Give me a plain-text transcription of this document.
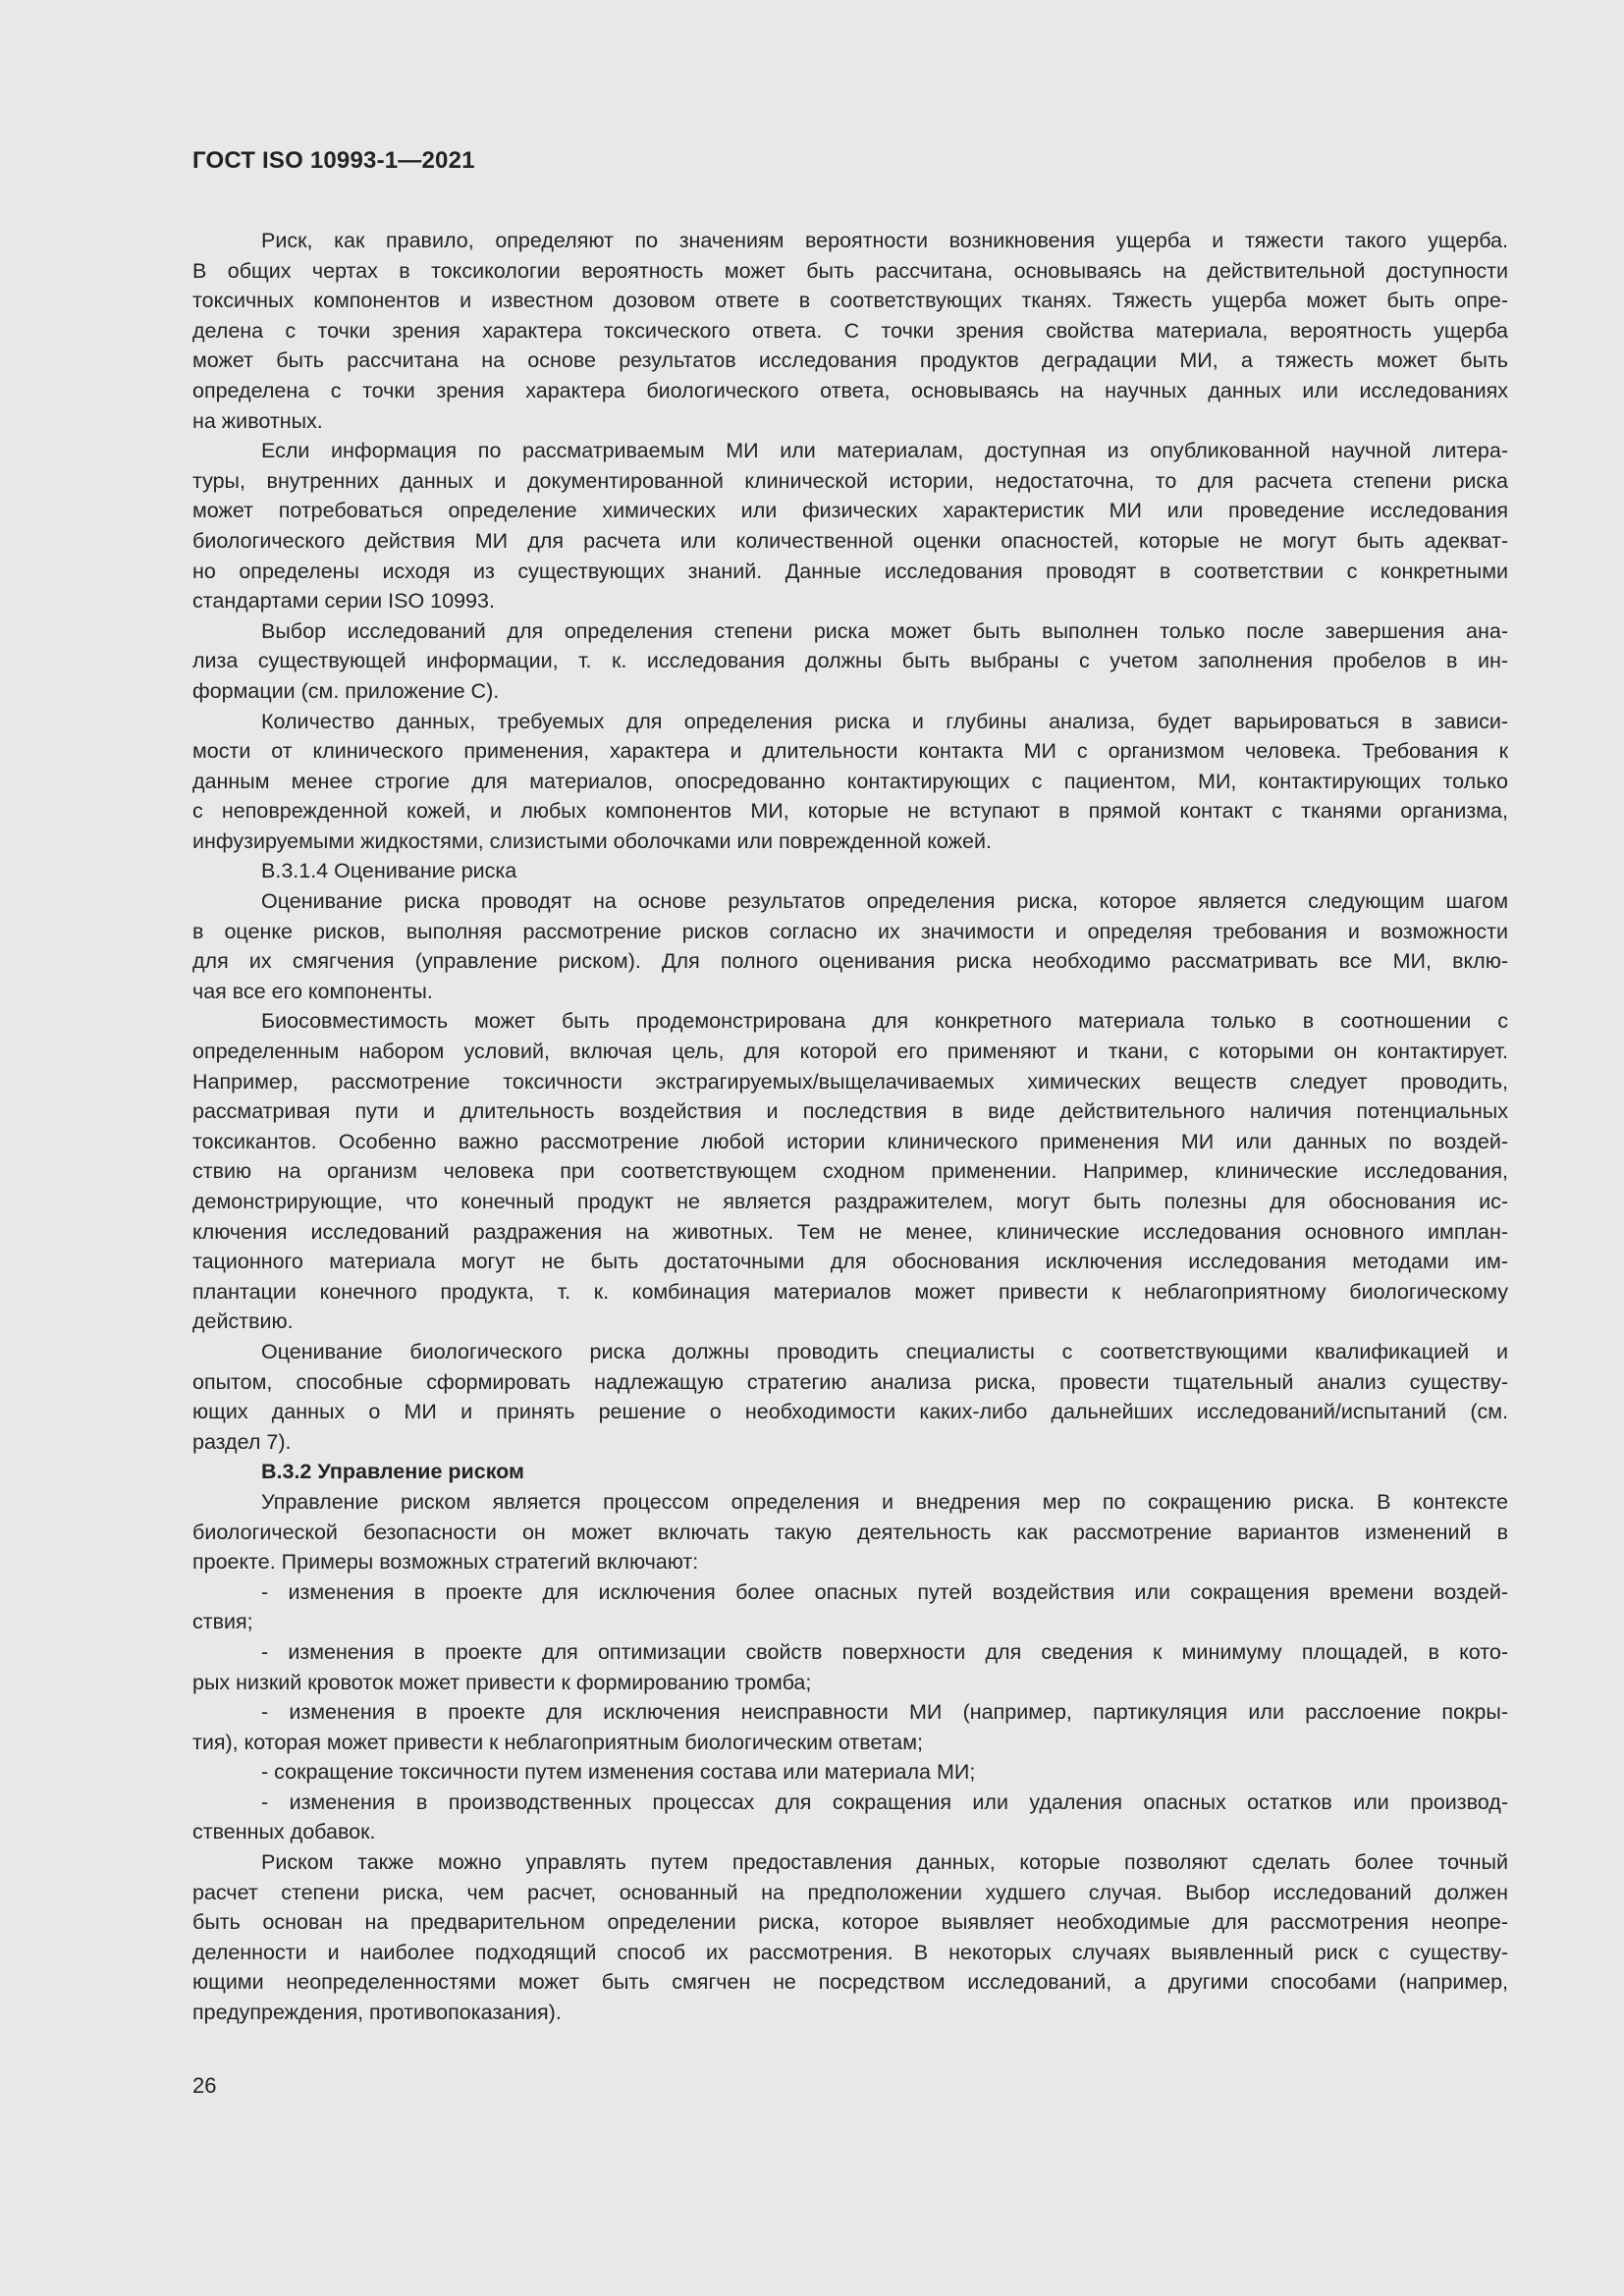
ГОСТ ISO 10993-1—2021
Риск, как правило, определяют по значениям вероятности возникновения ущерба и тяжести такого ущерба.
В общих чертах в токсикологии вероятность может быть рассчитана, основываясь на действительной доступности
токсичных компонентов и известном дозовом ответе в соответствующих тканях. Тяжесть ущерба может быть опре-
делена с точки зрения характера токсического ответа. С точки зрения свойства материала, вероятность ущерба
может быть рассчитана на основе результатов исследования продуктов деградации МИ, а тяжесть может быть
определена с точки зрения характера биологического ответа, основываясь на научных данных или исследованиях
на животных.
Если информация по рассматриваемым МИ или материалам, доступная из опубликованной научной литера-
туры, внутренних данных и документированной клинической истории, недостаточна, то для расчета степени риска
может потребоваться определение химических или физических характеристик МИ или проведение исследования
биологического действия МИ для расчета или количественной оценки опасностей, которые не могут быть адекват-
но определены исходя из существующих знаний. Данные исследования проводят в соответствии с конкретными
стандартами серии ISO 10993.
Выбор исследований для определения степени риска может быть выполнен только после завершения ана-
лиза существующей информации, т. к. исследования должны быть выбраны с учетом заполнения пробелов в ин-
формации (см. приложение С).
Количество данных, требуемых для определения риска и глубины анализа, будет варьироваться в зависи-
мости от клинического применения, характера и длительности контакта МИ с организмом человека. Требования к
данным менее строгие для материалов, опосредованно контактирующих с пациентом, МИ, контактирующих только
с неповрежденной кожей, и любых компонентов МИ, которые не вступают в прямой контакт с тканями организма,
инфузируемыми жидкостями, слизистыми оболочками или поврежденной кожей.
В.3.1.4 Оценивание риска
Оценивание риска проводят на основе результатов определения риска, которое является следующим шагом
в оценке рисков, выполняя рассмотрение рисков согласно их значимости и определяя требования и возможности
для их смягчения (управление риском). Для полного оценивания риска необходимо рассматривать все МИ, вклю-
чая все его компоненты.
Биосовместимость может быть продемонстрирована для конкретного материала только в соотношении с
определенным набором условий, включая цель, для которой его применяют и ткани, с которыми он контактирует.
Например, рассмотрение токсичности экстрагируемых/выщелачиваемых химических веществ следует проводить,
рассматривая пути и длительность воздействия и последствия в виде действительного наличия потенциальных
токсикантов. Особенно важно рассмотрение любой истории клинического применения МИ или данных по воздей-
ствию на организм человека при соответствующем сходном применении. Например, клинические исследования,
демонстрирующие, что конечный продукт не является раздражителем, могут быть полезны для обоснования ис-
ключения исследований раздражения на животных. Тем не менее, клинические исследования основного имплан-
тационного материала могут не быть достаточными для обоснования исключения исследования методами им-
плантации конечного продукта, т. к. комбинация материалов может привести к неблагоприятному биологическому
действию.
Оценивание биологического риска должны проводить специалисты с соответствующими квалификацией и
опытом, способные сформировать надлежащую стратегию анализа риска, провести тщательный анализ существу-
ющих данных о МИ и принять решение о необходимости каких-либо дальнейших исследований/испытаний (см.
раздел 7).
В.3.2 Управление риском
Управление риском является процессом определения и внедрения мер по сокращению риска. В контексте
биологической безопасности он может включать такую деятельность как рассмотрение вариантов изменений в
проекте. Примеры возможных стратегий включают:
- изменения в проекте для исключения более опасных путей воздействия или сокращения времени воздей-
ствия;
- изменения в проекте для оптимизации свойств поверхности для сведения к минимуму площадей, в кото-
рых низкий кровоток может привести к формированию тромба;
- изменения в проекте для исключения неисправности МИ (например, партикуляция или расслоение покры-
тия), которая может привести к неблагоприятным биологическим ответам;
- сокращение токсичности путем изменения состава или материала МИ;
- изменения в производственных процессах для сокращения или удаления опасных остатков или производ-
ственных добавок.
Риском также можно управлять путем предоставления данных, которые позволяют сделать более точный
расчет степени риска, чем расчет, основанный на предположении худшего случая. Выбор исследований должен
быть основан на предварительном определении риска, которое выявляет необходимые для рассмотрения неопре-
деленности и наиболее подходящий способ их рассмотрения. В некоторых случаях выявленный риск с существу-
ющими неопределенностями может быть смягчен не посредством исследований, а другими способами (например,
предупреждения, противопоказания).
26
